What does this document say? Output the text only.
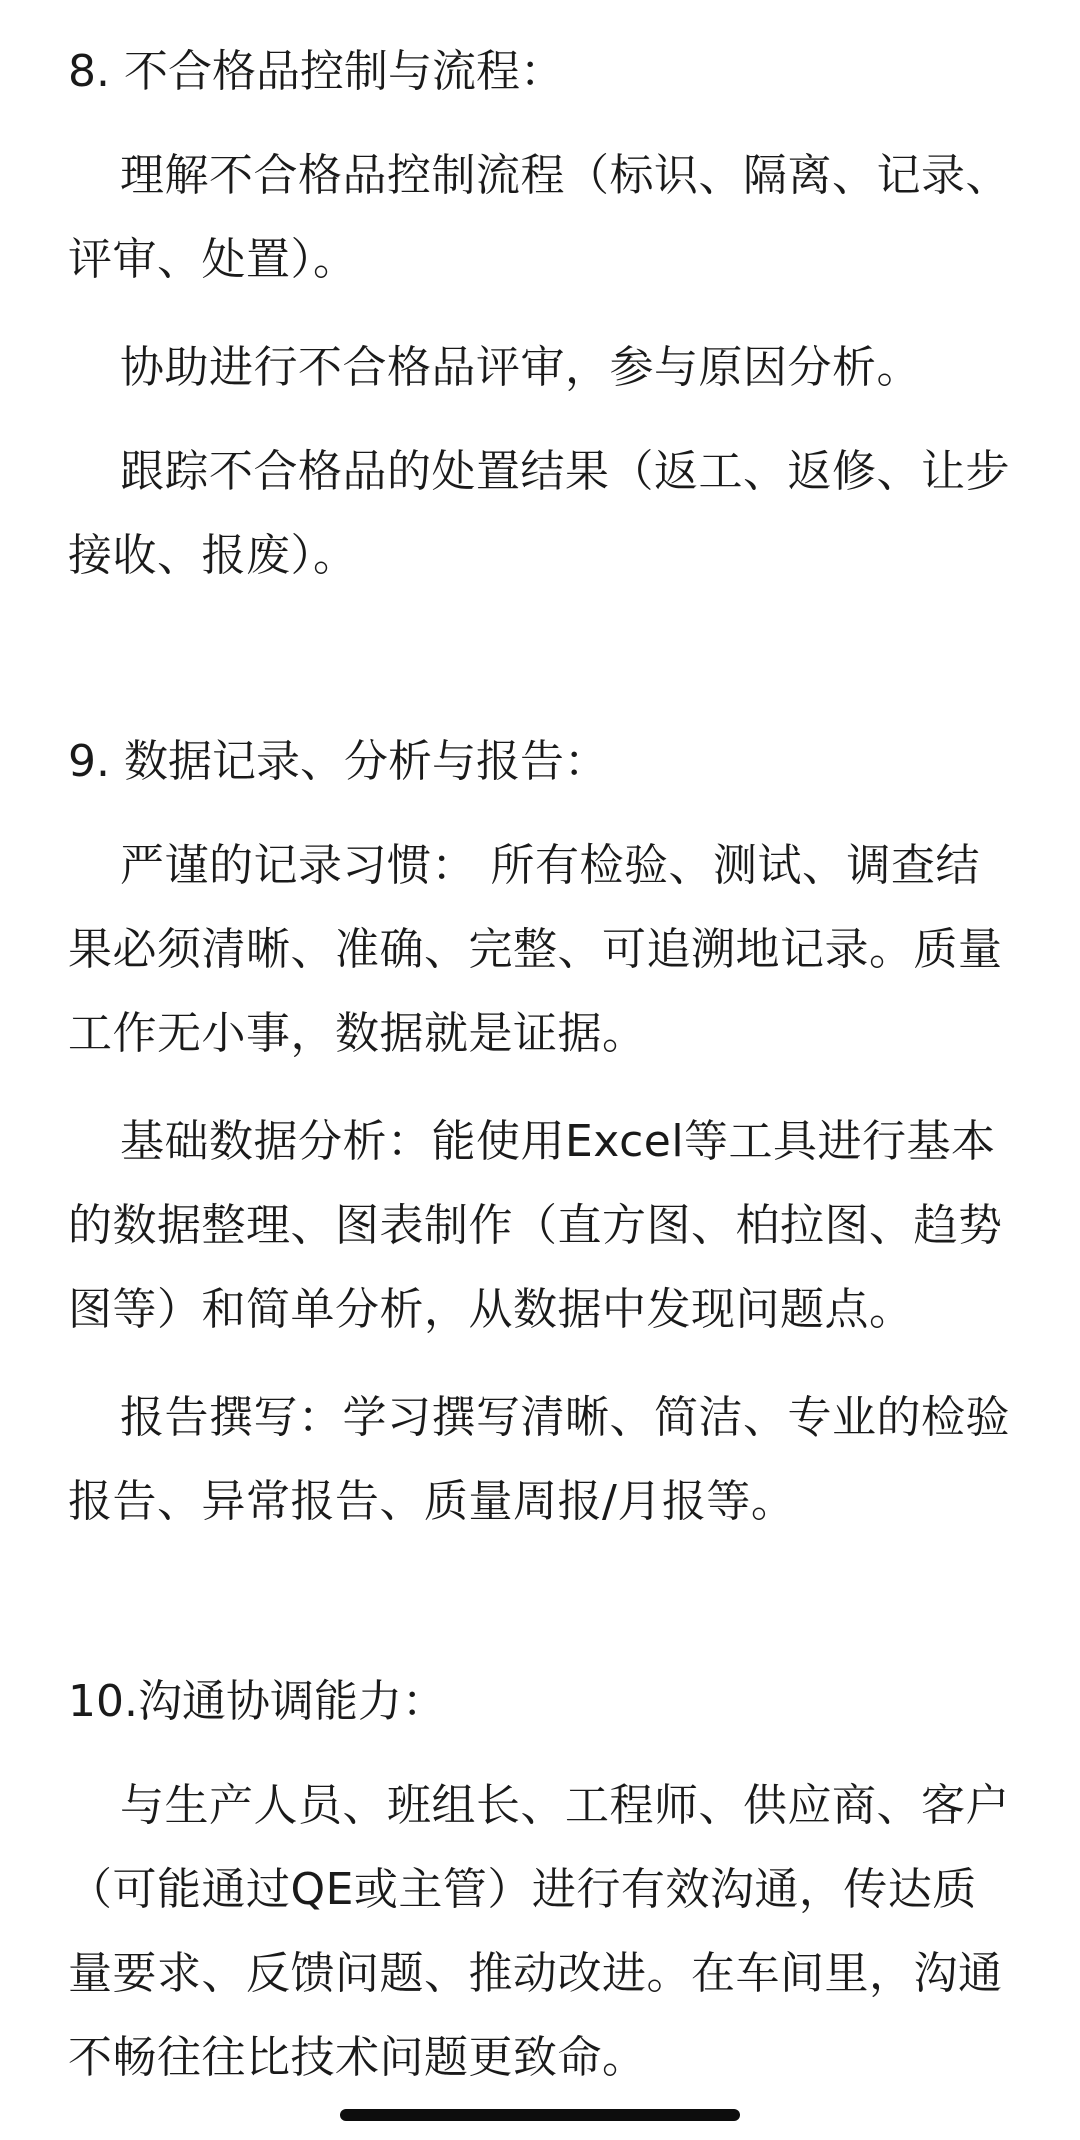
8. 不合格品控制与流程：
理解不合格品控制流程（标识、隔离、记录、评审、处置）。
协助进行不合格品评审，参与原因分析。
跟踪不合格品的处置结果（返工、返修、让步接收、报废）。
9. 数据记录、分析与报告：
严谨的记录习惯： 所有检验、测试、调查结果必须清晰、准确、完整、可追溯地记录。质量工作无小事，数据就是证据。
基础数据分析：能使用Excel等工具进行基本的数据整理、图表制作（直方图、柏拉图、趋势图等）和简单分析，从数据中发现问题点。
报告撰写：学习撰写清晰、简洁、专业的检验报告、异常报告、质量周报/月报等。
10.沟通协调能力：
与生产人员、班组长、工程师、供应商、客户（可能通过QE或主管）进行有效沟通，传达质量要求、反馈问题、推动改进。在车间里，沟通不畅往往比技术问题更致命。
